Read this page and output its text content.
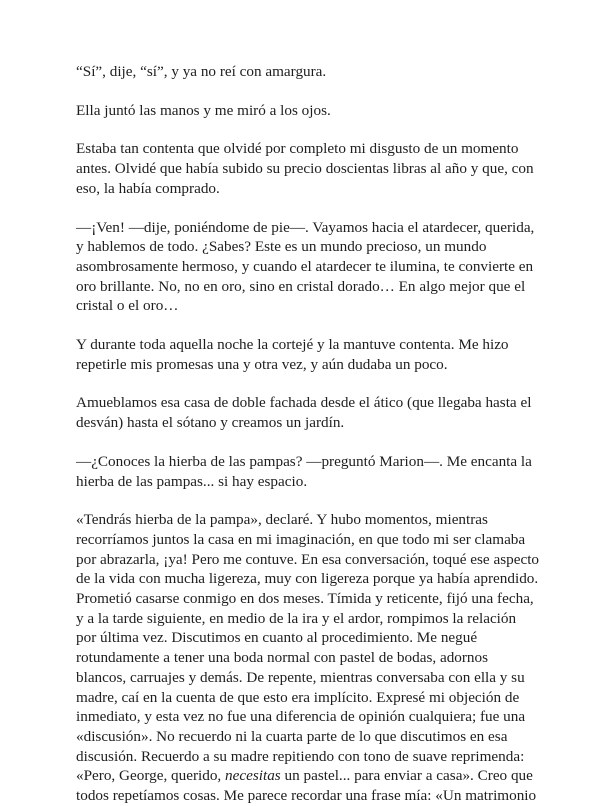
“Sí”, dije, “sí”, y ya no reí con amargura.

Ella juntó las manos y me miró a los ojos.

Estaba tan contenta que olvidé por completo mi disgusto de un momento
antes. Olvidé que había subido su precio doscientas libras al año y que, con
eso, la había comprado.

—¡Ven! —dije, poniéndome de pie—. Vayamos hacia el atardecer, querida,
y hablemos de todo. ¿Sabes? Este es un mundo precioso, un mundo
asombrosamente hermoso, y cuando el atardecer te ilumina, te convierte en
oro brillante. No, no en oro, sino en cristal dorado… En algo mejor que el
cristal o el oro…

Y durante toda aquella noche la cortejé y la mantuve contenta. Me hizo
repetirle mis promesas una y otra vez, y aún dudaba un poco.

Amueblamos esa casa de doble fachada desde el ático (que llegaba hasta el
desván) hasta el sótano y creamos un jardín.

—¿Conoces la hierba de las pampas? —preguntó Marion—. Me encanta la
hierba de las pampas... si hay espacio.

«Tendrás hierba de la pampa», declaré. Y hubo momentos, mientras
recorríamos juntos la casa en mi imaginación, en que todo mi ser clamaba
por abrazarla, ¡ya! Pero me contuve. En esa conversación, toqué ese aspecto
de la vida con mucha ligereza, muy con ligereza porque ya había aprendido.
Prometió casarse conmigo en dos meses. Tímida y reticente, fijó una fecha,
y a la tarde siguiente, en medio de la ira y el ardor, rompimos la relación
por última vez. Discutimos en cuanto al procedimiento. Me negué
rotundamente a tener una boda normal con pastel de bodas, adornos
blancos, carruajes y demás. De repente, mientras conversaba con ella y su
madre, caí en la cuenta de que esto era implícito. Expresé mi objeción de
inmediato, y esta vez no fue una diferencia de opinión cualquiera; fue una
«discusión». No recuerdo ni la cuarta parte de lo que discutimos en esa
discusión. Recuerdo a su madre repitiendo con tono de suave reprimenda:
«Pero, George, querido, necesitas un pastel... para enviar a casa». Creo que
todos repetíamos cosas. Me parece recordar una frase mía: «Un matrimonio
